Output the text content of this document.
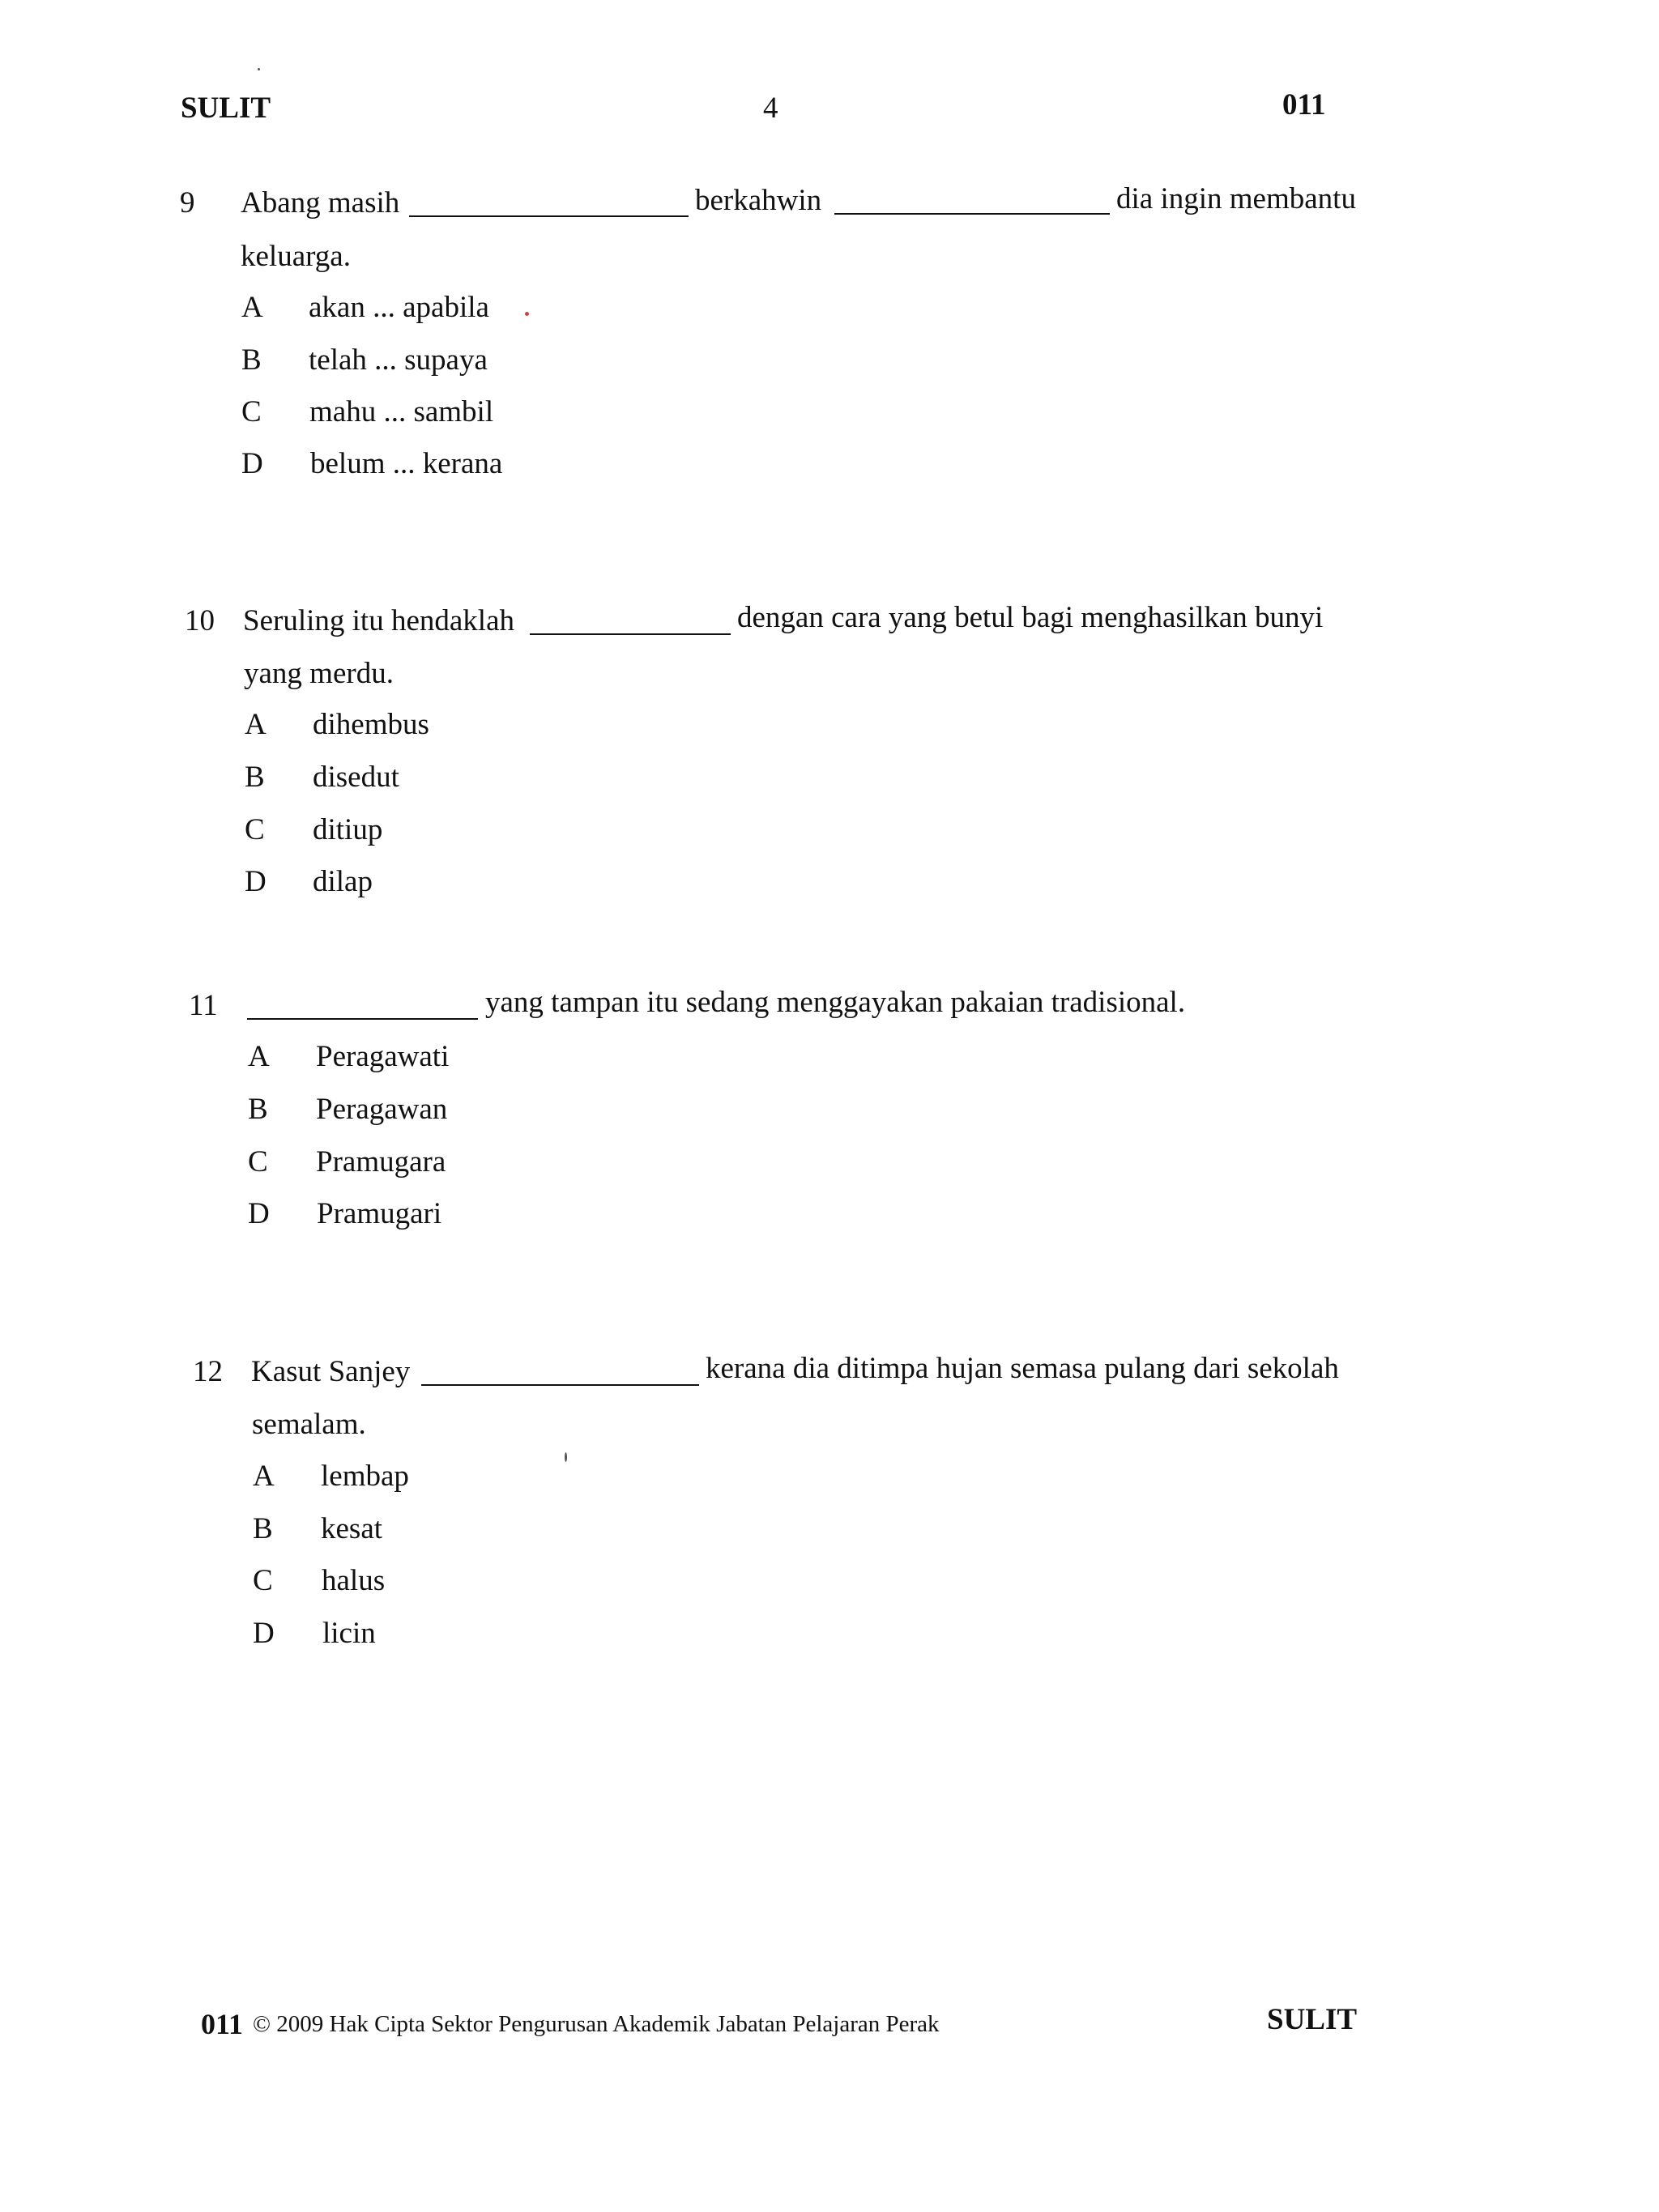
SULIT	4	011
9 Abang masih	berkahwin	dia ingin membantu
keluarga.
A akan ... apabila
B telah ... supaya
C mahu ... sambil
D belum ... kerana
10 Seruling itu hendaklah	dengan cara yang betul bagi menghasilkan bunyi
yang merdu.
A dihembus
B disedut
C ditiup
D dilap
11	yang tampan itu sedang menggayakan pakaian tradisional.
A Peragawati
B Peragawan
C Pramugara
D Pramugari
12 Kasut Sanjey	kerana dia ditimpa hujan semasa pulang dari sekolah
semalam.
A lembap
B kesat
C halus
D licin
011 © 2009 Hak Cipta Sektor Pengurusan Akademik Jabatan Pelajaran Perak	SULIT
